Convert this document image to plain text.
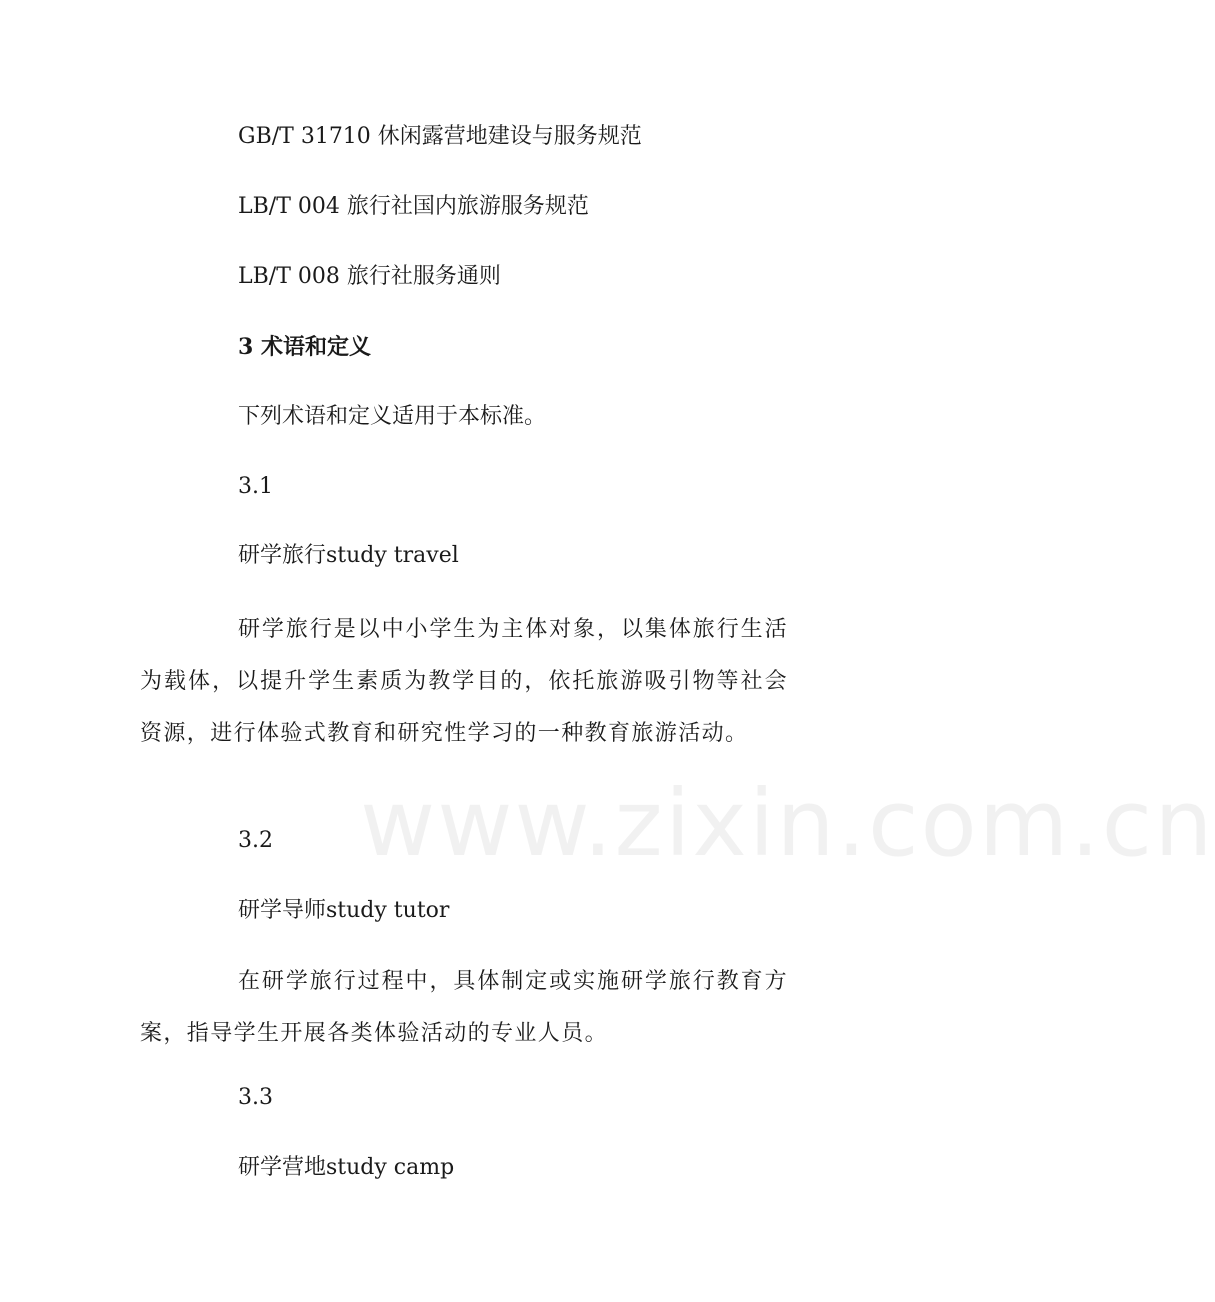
GB/T 31710 休闲露营地建设与服务规范
LB/T 004 旅行社国内旅游服务规范
LB/T 008 旅行社服务通则
3 术语和定义
下列术语和定义适用于本标准。
3.1
研学旅行study travel
研学旅行是以中小学生为主体对象，以集体旅行生活为载体，以提升学生素质为教学目的，依托旅游吸引物等社会资源，进行体验式教育和研究性学习的一种教育旅游活动。
3.2
研学导师study tutor
在研学旅行过程中，具体制定或实施研学旅行教育方案，指导学生开展各类体验活动的专业人员。
3.3
研学营地study camp
www.zixin.com.cn
